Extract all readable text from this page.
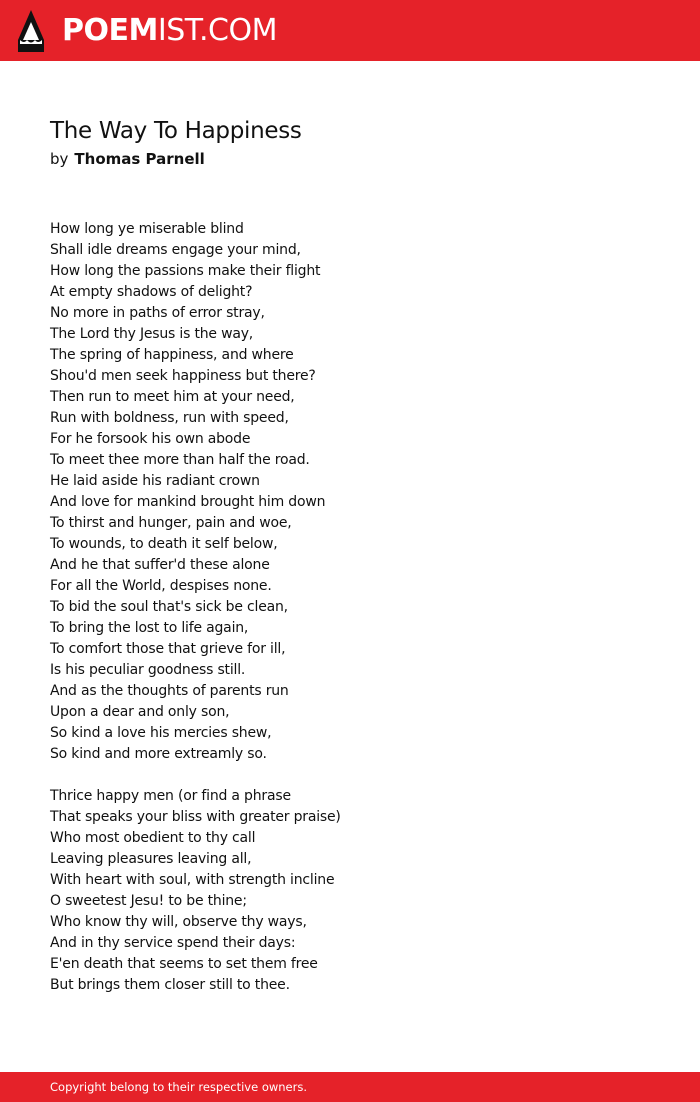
POEMIST.COM
The Way To Happiness
by Thomas Parnell
How long ye miserable blind
Shall idle dreams engage your mind,
How long the passions make their flight
At empty shadows of delight?
No more in paths of error stray,
The Lord thy Jesus is the way,
The spring of happiness, and where
Shou'd men seek happiness but there?
Then run to meet him at your need,
Run with boldness, run with speed,
For he forsook his own abode
To meet thee more than half the road.
He laid aside his radiant crown
And love for mankind brought him down
To thirst and hunger, pain and woe,
To wounds, to death it self below,
And he that suffer'd these alone
For all the World, despises none.
To bid the soul that's sick be clean,
To bring the lost to life again,
To comfort those that grieve for ill,
Is his peculiar goodness still.
And as the thoughts of parents run
Upon a dear and only son,
So kind a love his mercies shew,
So kind and more extreamly so.
Thrice happy men (or find a phrase
That speaks your bliss with greater praise)
Who most obedient to thy call
Leaving pleasures leaving all,
With heart with soul, with strength incline
O sweetest Jesu! to be thine;
Who know thy will, observe thy ways,
And in thy service spend their days:
E'en death that seems to set them free
But brings them closer still to thee.
Copyright belong to their respective owners.
